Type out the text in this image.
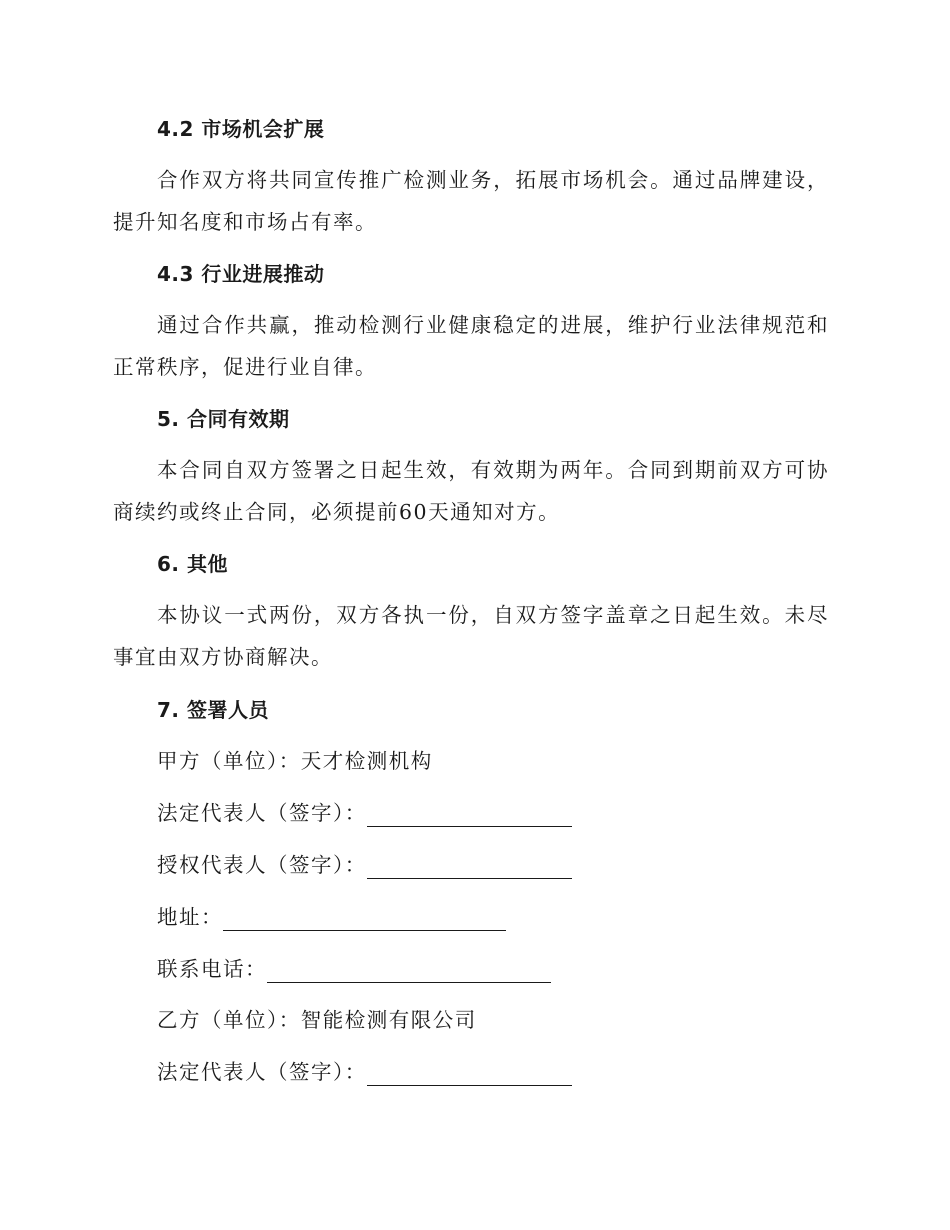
4.2 市场机会扩展
合作双方将共同宣传推广检测业务，拓展市场机会。通过品牌建设，提升知名度和市场占有率。
4.3 行业进展推动
通过合作共赢，推动检测行业健康稳定的进展，维护行业法律规范和正常秩序，促进行业自律。
5. 合同有效期
本合同自双方签署之日起生效，有效期为两年。合同到期前双方可协商续约或终止合同，必须提前60天通知对方。
6. 其他
本协议一式两份，双方各执一份，自双方签字盖章之日起生效。未尽事宜由双方协商解决。
7. 签署人员
甲方（单位）：天才检测机构
法定代表人（签字）：
授权代表人（签字）：
地址：
联系电话：
乙方（单位）：智能检测有限公司
法定代表人（签字）：
